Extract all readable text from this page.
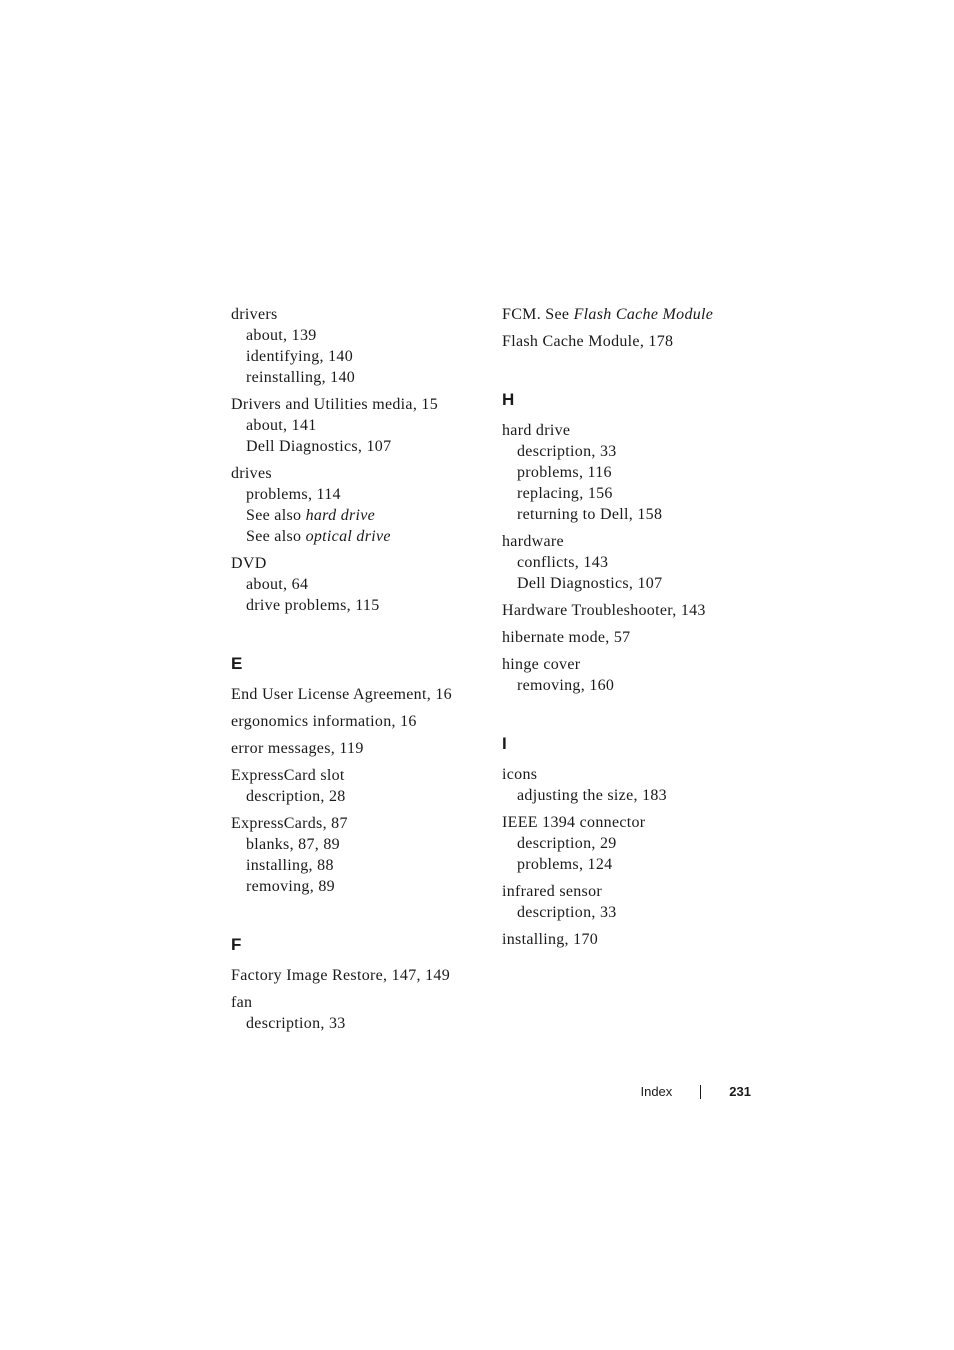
drivers
about, 139
identifying, 140
reinstalling, 140
Drivers and Utilities media, 15
about, 141
Dell Diagnostics, 107
drives
problems, 114
See also hard drive
See also optical drive
DVD
about, 64
drive problems, 115
E
End User License Agreement, 16
ergonomics information, 16
error messages, 119
ExpressCard slot
description, 28
ExpressCards, 87
blanks, 87, 89
installing, 88
removing, 89
F
Factory Image Restore, 147, 149
fan
description, 33
FCM. See Flash Cache Module
Flash Cache Module, 178
H
hard drive
description, 33
problems, 116
replacing, 156
returning to Dell, 158
hardware
conflicts, 143
Dell Diagnostics, 107
Hardware Troubleshooter, 143
hibernate mode, 57
hinge cover
removing, 160
I
icons
adjusting the size, 183
IEEE 1394 connector
description, 29
problems, 124
infrared sensor
description, 33
installing, 170
Index	231
